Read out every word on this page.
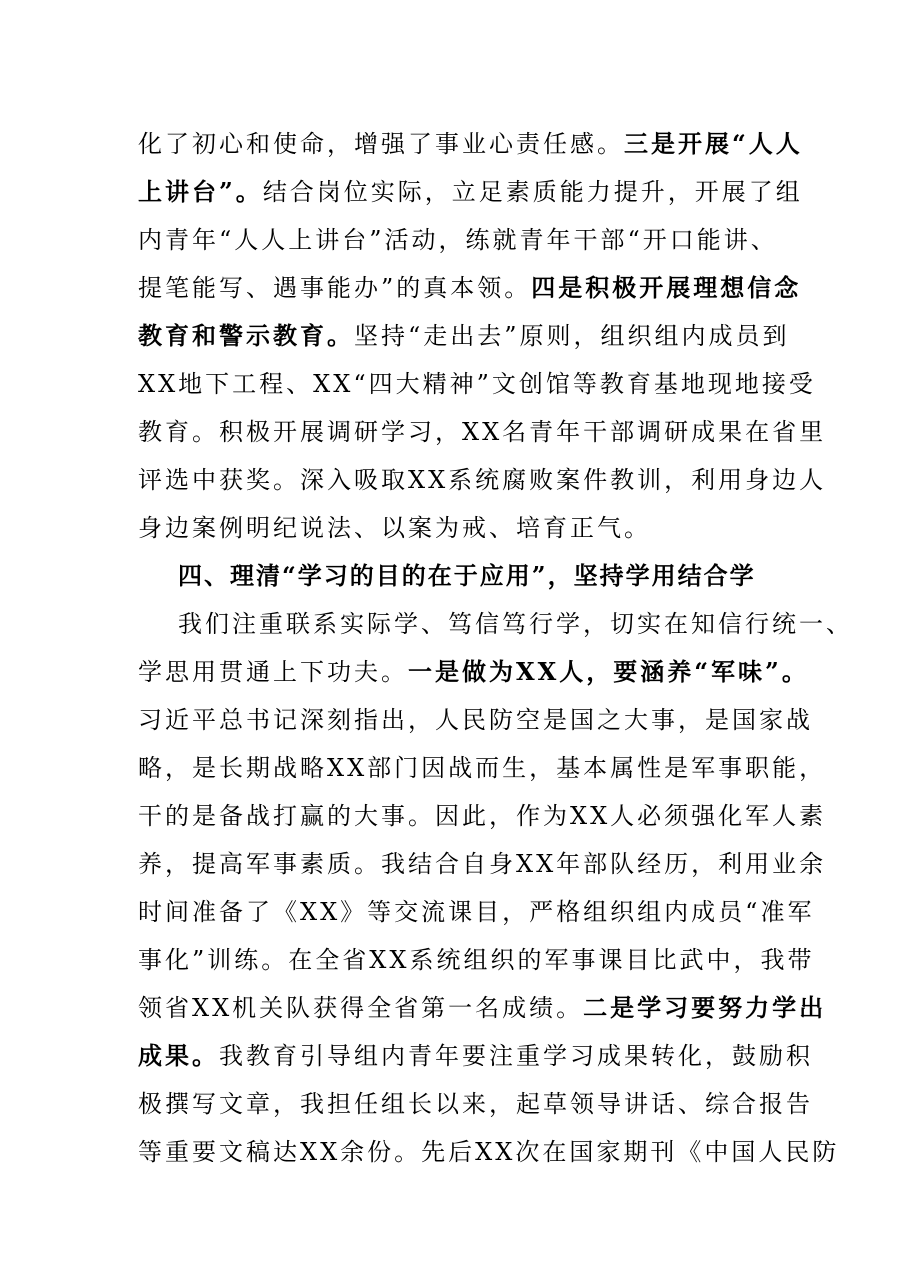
化了初心和使命，增强了事业心责任感。三是开展“人人
上讲台”。结合岗位实际，立足素质能力提升，开展了组
内青年“人人上讲台”活动，练就青年干部“开口能讲、
提笔能写、遇事能办”的真本领。四是积极开展理想信念
教育和警示教育。坚持“走出去”原则，组织组内成员到
XX地下工程、XX“四大精神”文创馆等教育基地现地接受
教育。积极开展调研学习，XX名青年干部调研成果在省里
评选中获奖。深入吸取XX系统腐败案件教训，利用身边人
身边案例明纪说法、以案为戒、培育正气。
四、理清“学习的目的在于应用”，坚持学用结合学
我们注重联系实际学、笃信笃行学，切实在知信行统一、
学思用贯通上下功夫。一是做为XX人，要涵养“军味”。
习近平总书记深刻指出，人民防空是国之大事，是国家战
略，是长期战略XX部门因战而生，基本属性是军事职能，
干的是备战打赢的大事。因此，作为XX人必须强化军人素
养，提高军事素质。我结合自身XX年部队经历，利用业余
时间准备了《XX》等交流课目，严格组织组内成员“准军
事化”训练。在全省XX系统组织的军事课目比武中，我带
领省XX机关队获得全省第一名成绩。二是学习要努力学出
成果。我教育引导组内青年要注重学习成果转化，鼓励积
极撰写文章，我担任组长以来，起草领导讲话、综合报告
等重要文稿达XX余份。先后XX次在国家期刊《中国人民防
